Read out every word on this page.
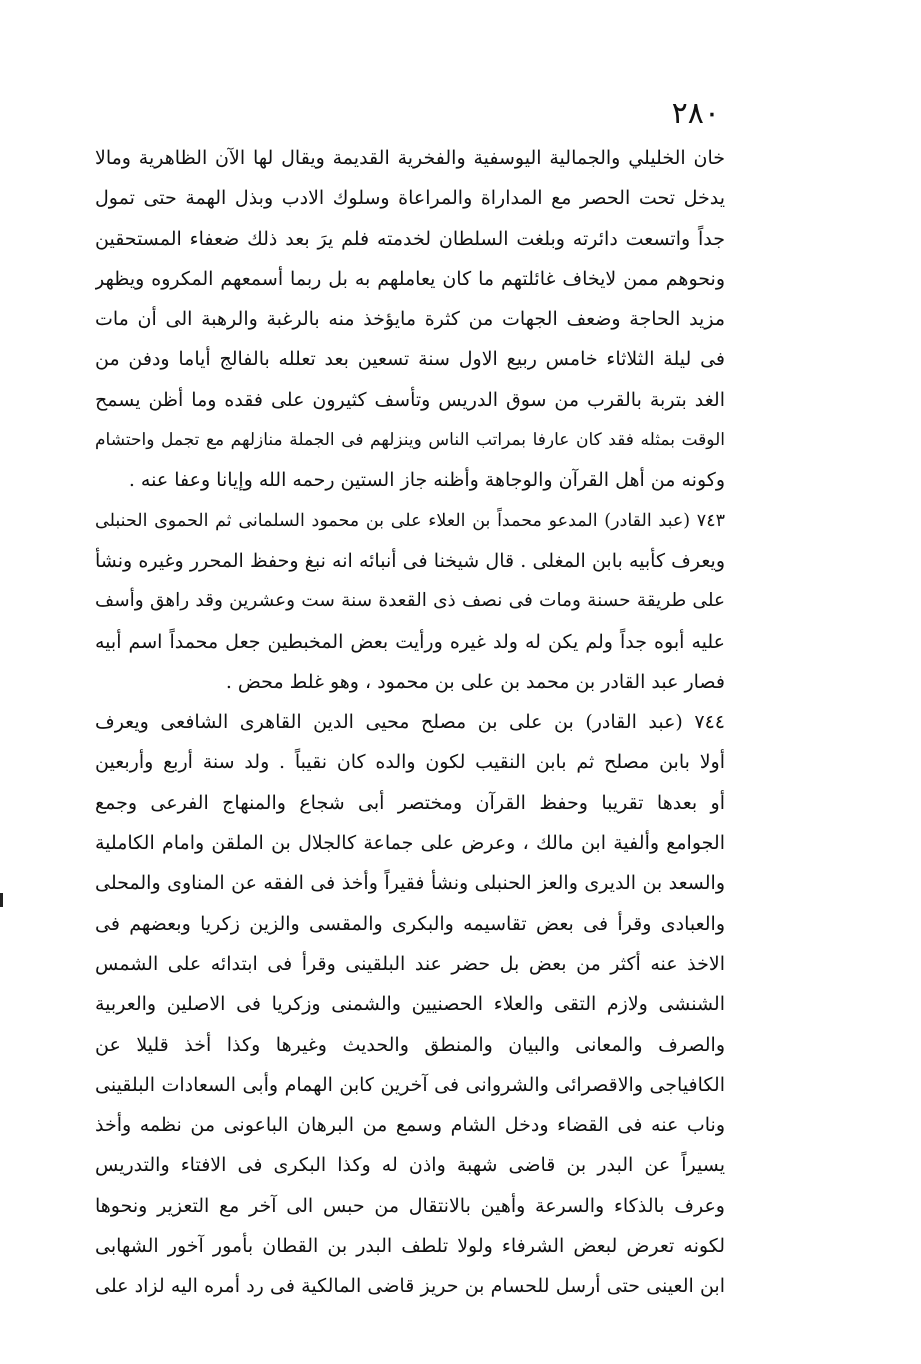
٢٨٠
خان الخليلي والجمالية اليوسفية والفخرية القديمة ويقال لها الآن الظاهرية ومالا
يدخل تحت الحصر مع المداراة والمراعاة وسلوك الادب وبذل الهمة حتى تمول
جداً واتسعت دائرته وبلغت السلطان لخدمته فلم يرَ بعد ذلك ضعفاء المستحقين
ونحوهم ممن لايخاف غائلتهم ما كان يعاملهم به بل ربما أسمعهم المكروه ويظهر
مزيد الحاجة وضعف الجهات من كثرة مايؤخذ منه بالرغبة والرهبة الى أن مات
فى ليلة الثلاثاء خامس ربيع الاول سنة تسعين بعد تعلله بالفالج أياما ودفن من
الغد بتربة بالقرب من سوق الدريس وتأسف كثيرون على فقده وما أظن يسمح
الوقت بمثله فقد كان عارفا بمراتب الناس وينزلهم فى الجملة منازلهم مع تجمل واحتشام
وكونه من أهل القرآن والوجاهة وأظنه جاز الستين رحمه الله وإيانا وعفا عنه .
٧٤٣ (عبد القادر) المدعو محمداً بن العلاء على بن محمود السلمانى ثم الحموى الحنبلى
ويعرف كأبيه بابن المغلى . قال شيخنا فى أنبائه انه نبغ وحفظ المحرر وغيره ونشأ
على طريقة حسنة ومات فى نصف ذى القعدة سنة ست وعشرين وقد راهق وأسف
عليه أبوه جداً ولم يكن له ولد غيره ورأيت بعض المخبطين جعل محمداً اسم أبيه
فصار عبد القادر بن محمد بن على بن محمود ، وهو غلط محض .
٧٤٤ (عبد القادر) بن على بن مصلح محيى الدين القاهرى الشافعى ويعرف
أولا بابن مصلح ثم بابن النقيب لكون والده كان نقيباً . ولد سنة أربع وأربعين
أو بعدها تقريبا وحفظ القرآن ومختصر أبى شجاع والمنهاج الفرعى وجمع
الجوامع وألفية ابن مالك ، وعرض على جماعة كالجلال بن الملقن وامام الكاملية
والسعد بن الديرى والعز الحنبلى ونشأ فقيراً وأخذ فى الفقه عن المناوى والمحلى
والعبادى وقرأ فى بعض تقاسيمه والبكرى والمقسى والزين زكريا وبعضهم فى
الاخذ عنه أكثر من بعض بل حضر عند البلقينى وقرأ فى ابتدائه على الشمس
الشنشى ولازم التقى والعلاء الحصنيين والشمنى وزكريا فى الاصلين والعربية
والصرف والمعانى والبيان والمنطق والحديث وغيرها وكذا أخذ قليلا عن
الكافياجى والاقصرائى والشروانى فى آخرين كابن الهمام وأبى السعادات البلقينى
وناب عنه فى القضاء ودخل الشام وسمع من البرهان الباعونى من نظمه وأخذ
يسيراً عن البدر بن قاضى شهبة واذن له وكذا البكرى فى الافتاء والتدريس
وعرف بالذكاء والسرعة وأهين بالانتقال من حبس الى آخر مع التعزير ونحوها
لكونه تعرض لبعض الشرفاء ولولا تلطف البدر بن القطان بأمور آخور الشهابى
ابن العينى حتى أرسل للحسام بن حريز قاضى المالكية فى رد أمره اليه لزاد على
